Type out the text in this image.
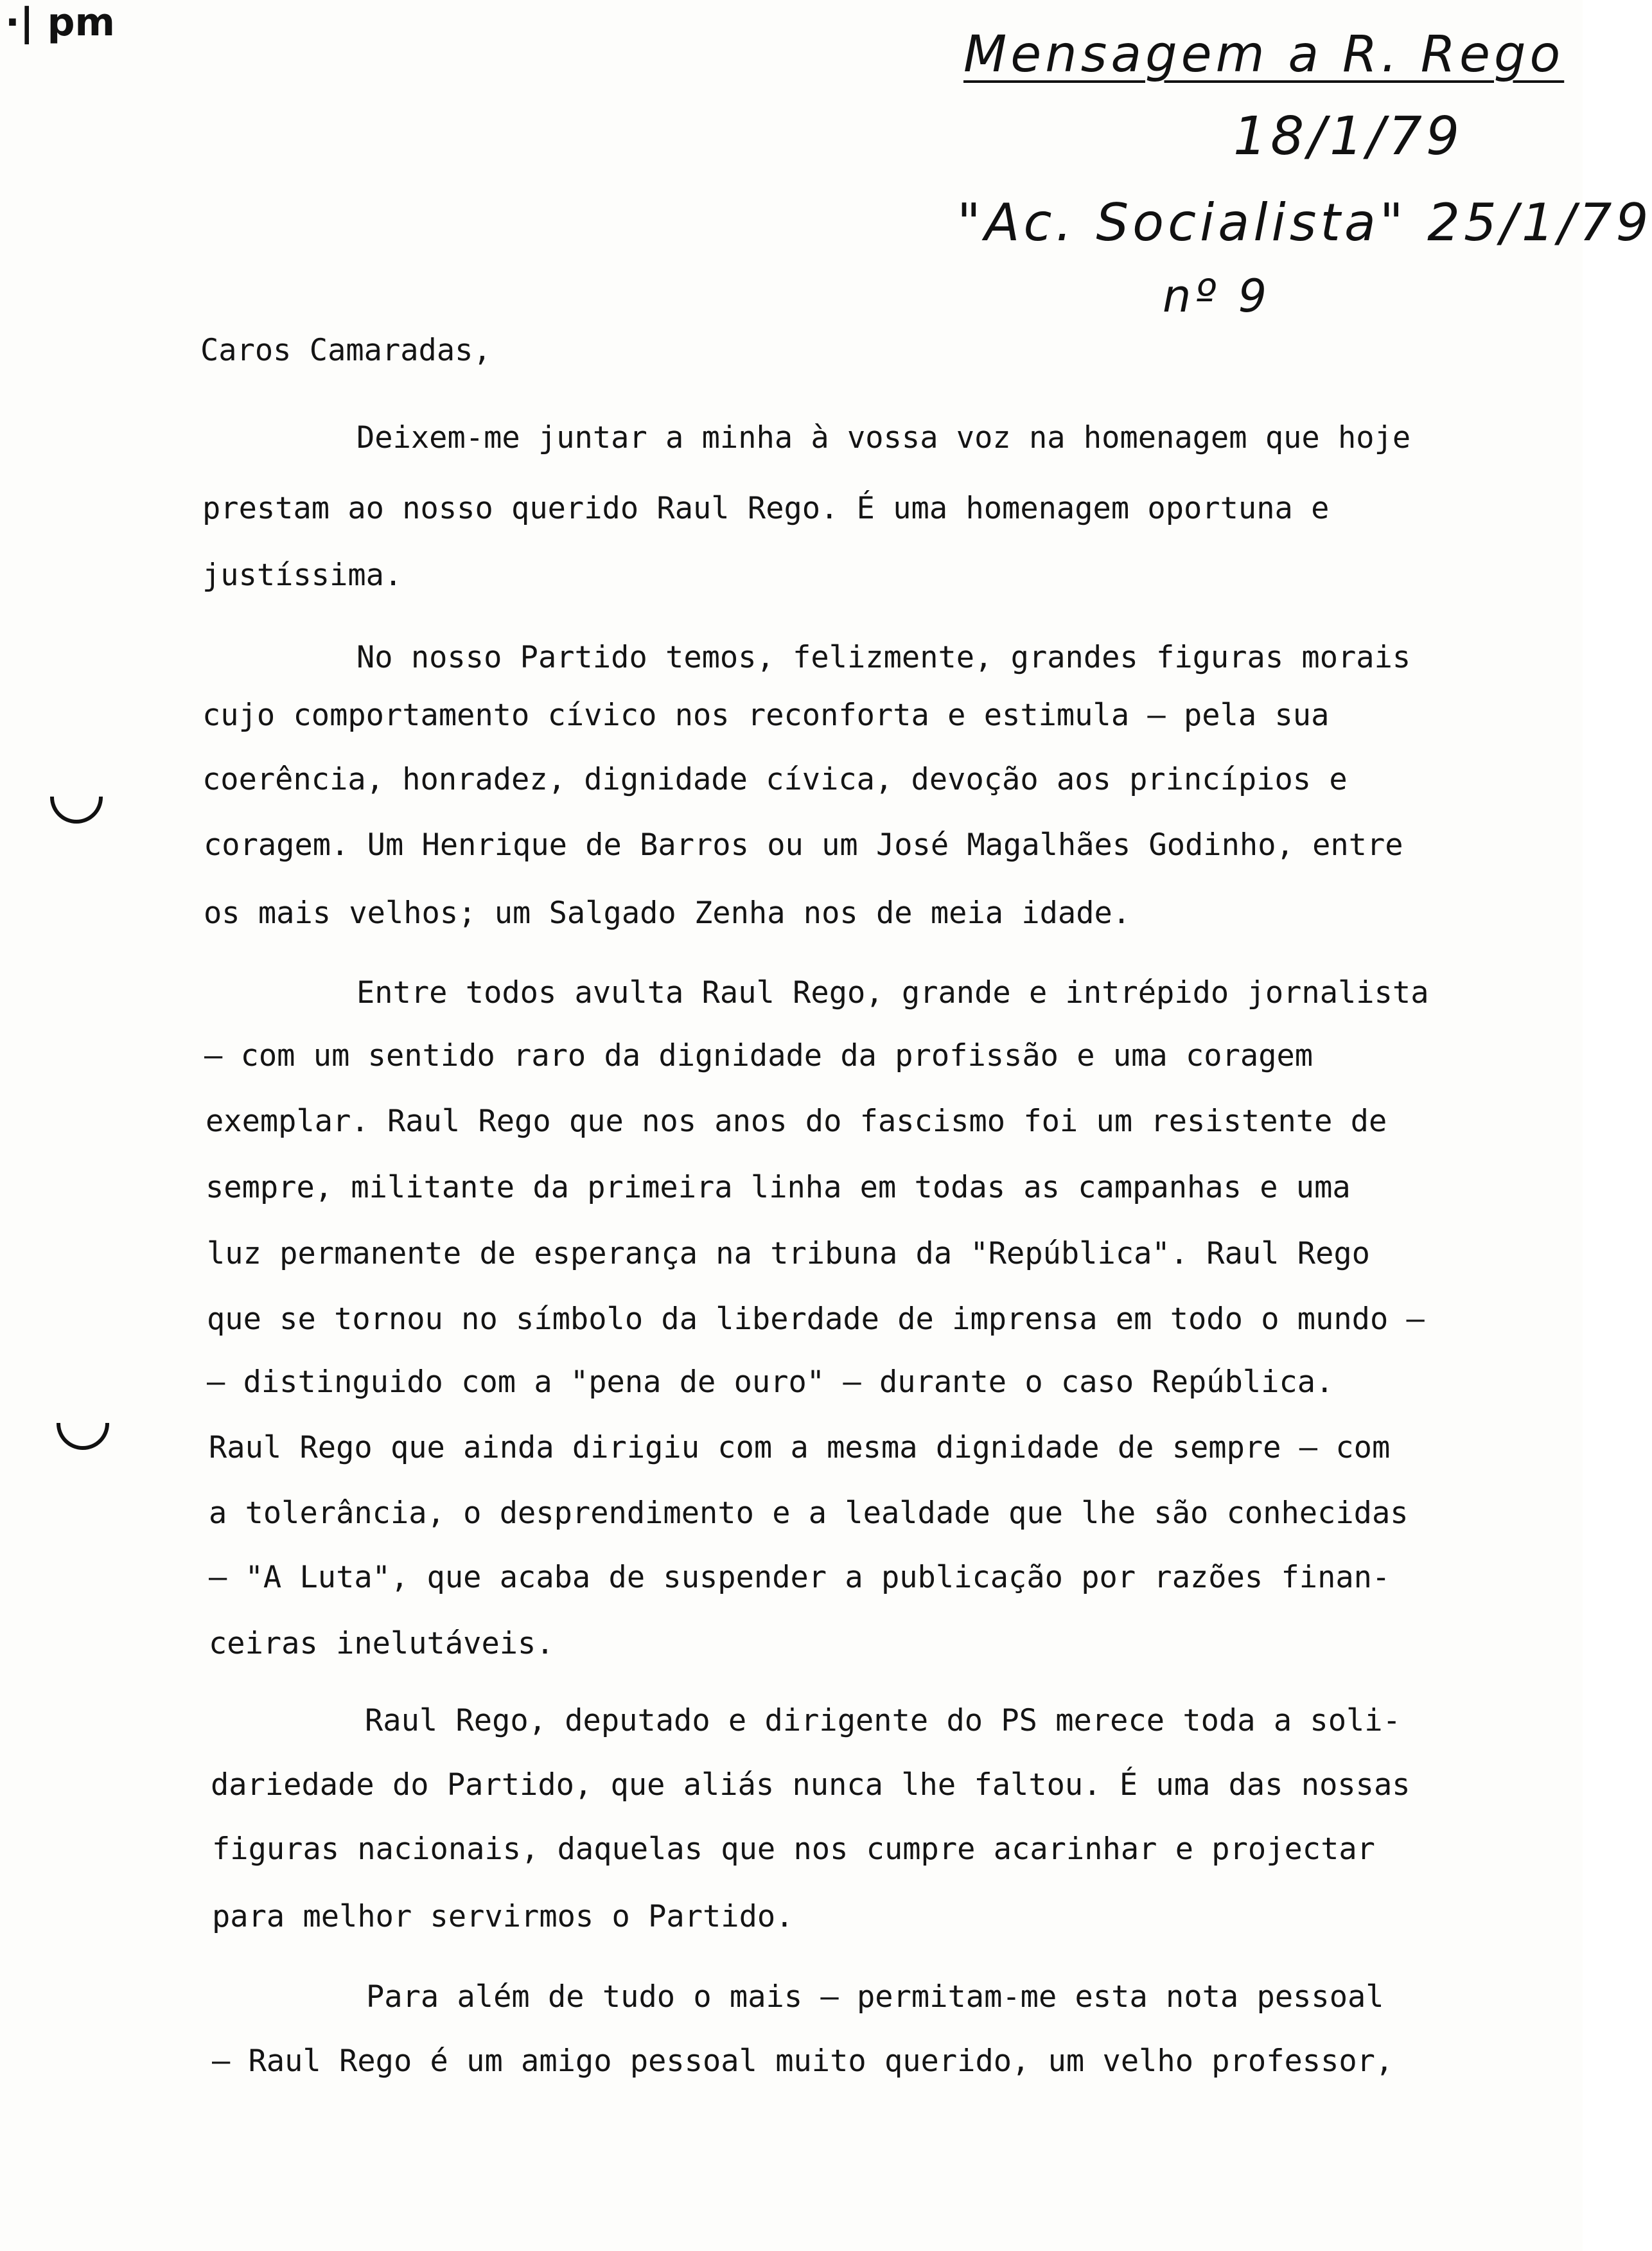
·| pm
Mensagem a R. Rego
18/1/79
"Ac. Socialista" 25/1/79
nº 9
Caros Camaradas,
Deixem-me juntar a minha à vossa voz na homenagem que hoje
prestam ao nosso querido Raul Rego. É uma homenagem oportuna e
justíssima.
No nosso Partido temos, felizmente, grandes figuras morais
cujo comportamento cívico nos reconforta e estimula — pela sua
coerência, honradez, dignidade cívica, devoção aos princípios e
coragem. Um Henrique de Barros ou um José Magalhães Godinho, entre
os mais velhos; um Salgado Zenha nos de meia idade.
Entre todos avulta Raul Rego, grande e intrépido jornalista
— com um sentido raro da dignidade da profissão e uma coragem
exemplar. Raul Rego que nos anos do fascismo foi um resistente de
sempre, militante da primeira linha em todas as campanhas e uma
luz permanente de esperança na tribuna da "República". Raul Rego
que se tornou no símbolo da liberdade de imprensa em todo o mundo —
— distinguido com a "pena de ouro" — durante o caso República.
Raul Rego que ainda dirigiu com a mesma dignidade de sempre — com
a tolerância, o desprendimento e a lealdade que lhe são conhecidas
— "A Luta", que acaba de suspender a publicação por razões finan-
ceiras inelutáveis.
Raul Rego, deputado e dirigente do PS merece toda a soli-
dariedade do Partido, que aliás nunca lhe faltou. É uma das nossas
figuras nacionais, daquelas que nos cumpre acarinhar e projectar
para melhor servirmos o Partido.
Para além de tudo o mais — permitam-me esta nota pessoal
— Raul Rego é um amigo pessoal muito querido, um velho professor,
